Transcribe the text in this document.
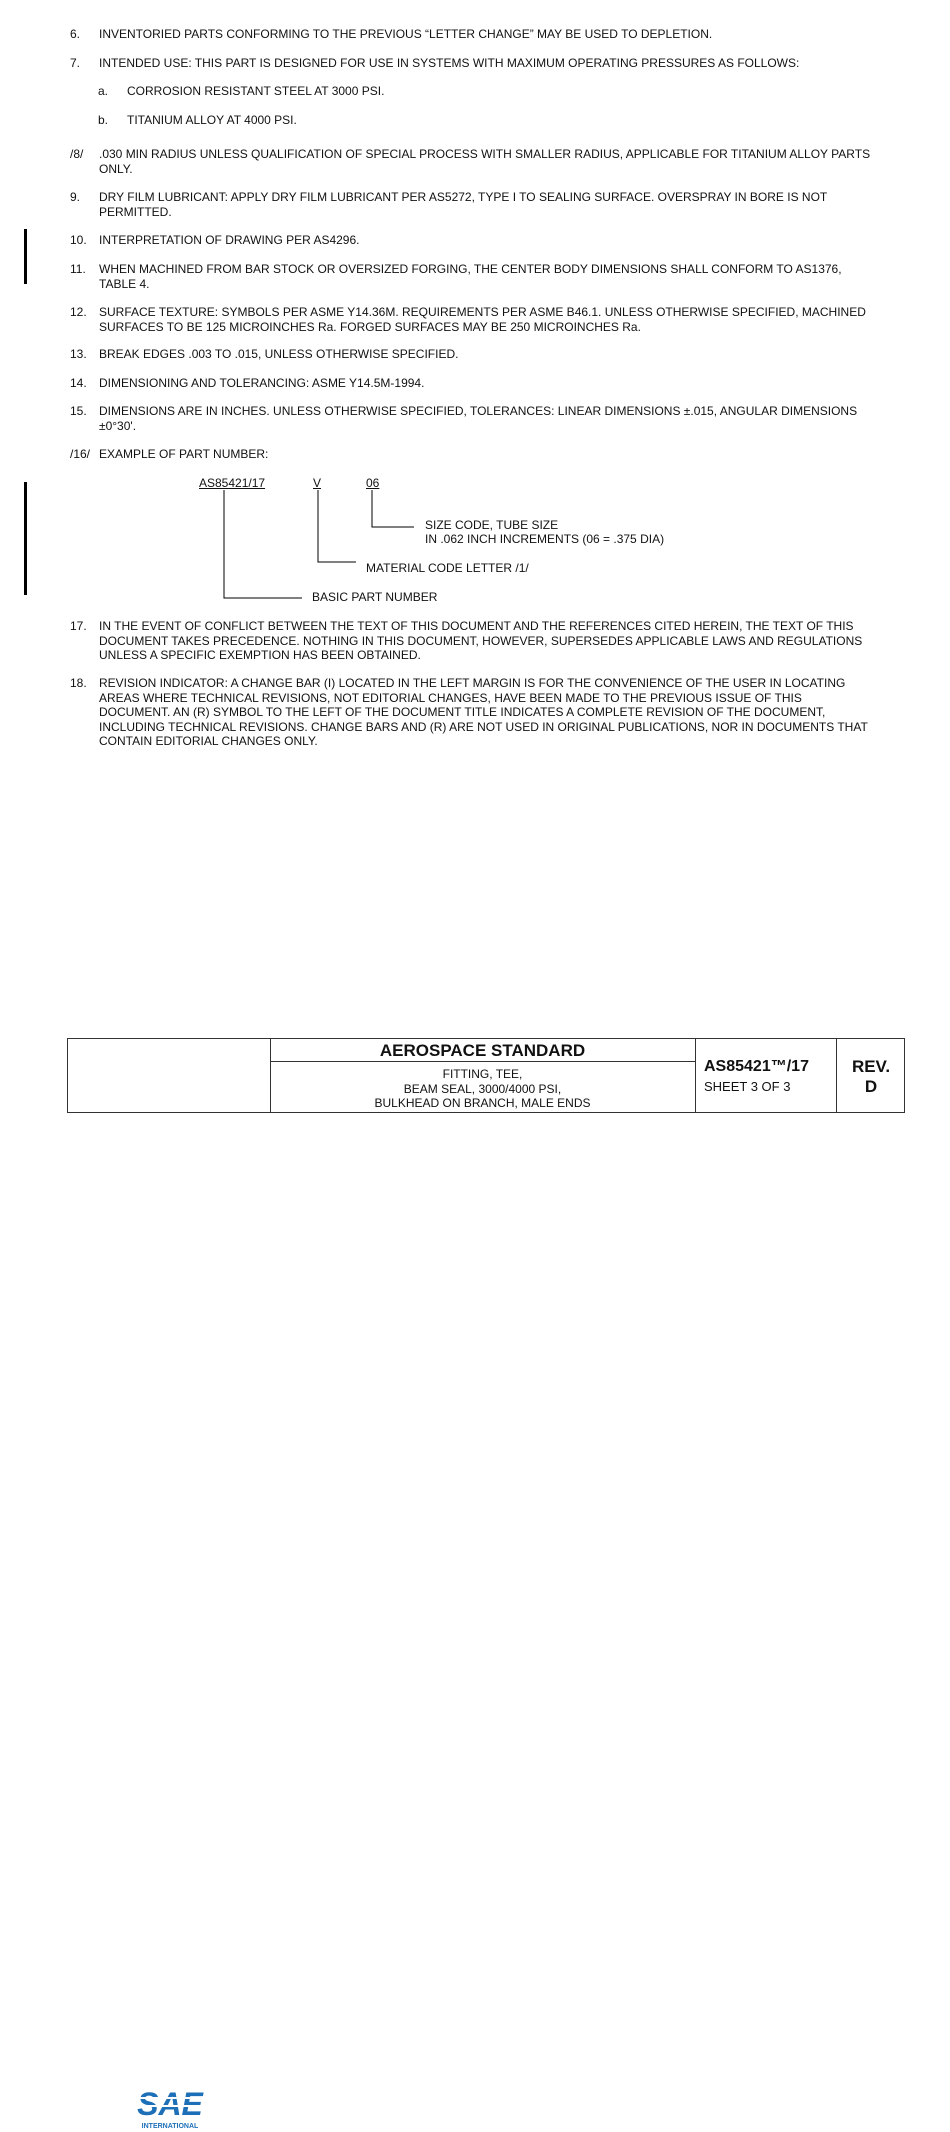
6. INVENTORIED PARTS CONFORMING TO THE PREVIOUS “LETTER CHANGE” MAY BE USED TO DEPLETION.
7. INTENDED USE: THIS PART IS DESIGNED FOR USE IN SYSTEMS WITH MAXIMUM OPERATING PRESSURES AS FOLLOWS:
a. CORROSION RESISTANT STEEL AT 3000 PSI.
b. TITANIUM ALLOY AT 4000 PSI.
/8/ .030 MIN RADIUS UNLESS QUALIFICATION OF SPECIAL PROCESS WITH SMALLER RADIUS, APPLICABLE FOR TITANIUM ALLOY PARTS ONLY.
9. DRY FILM LUBRICANT: APPLY DRY FILM LUBRICANT PER AS5272, TYPE I TO SEALING SURFACE. OVERSPRAY IN BORE IS NOT PERMITTED.
10. INTERPRETATION OF DRAWING PER AS4296.
11. WHEN MACHINED FROM BAR STOCK OR OVERSIZED FORGING, THE CENTER BODY DIMENSIONS SHALL CONFORM TO AS1376, TABLE 4.
12. SURFACE TEXTURE: SYMBOLS PER ASME Y14.36M. REQUIREMENTS PER ASME B46.1. UNLESS OTHERWISE SPECIFIED, MACHINED SURFACES TO BE 125 MICROINCHES Ra. FORGED SURFACES MAY BE 250 MICROINCHES Ra.
13. BREAK EDGES .003 TO .015, UNLESS OTHERWISE SPECIFIED.
14. DIMENSIONING AND TOLERANCING: ASME Y14.5M-1994.
15. DIMENSIONS ARE IN INCHES. UNLESS OTHERWISE SPECIFIED, TOLERANCES: LINEAR DIMENSIONS ±.015, ANGULAR DIMENSIONS ±0°30'.
/16/ EXAMPLE OF PART NUMBER:
AS85421/17	V	06
SIZE CODE, TUBE SIZE
IN .062 INCH INCREMENTS (06 = .375 DIA)
MATERIAL CODE LETTER /1/
BASIC PART NUMBER
17. IN THE EVENT OF CONFLICT BETWEEN THE TEXT OF THIS DOCUMENT AND THE REFERENCES CITED HEREIN, THE TEXT OF THIS DOCUMENT TAKES PRECEDENCE. NOTHING IN THIS DOCUMENT, HOWEVER, SUPERSEDES APPLICABLE LAWS AND REGULATIONS UNLESS A SPECIFIC EXEMPTION HAS BEEN OBTAINED.
18. REVISION INDICATOR: A CHANGE BAR (I) LOCATED IN THE LEFT MARGIN IS FOR THE CONVENIENCE OF THE USER IN LOCATING AREAS WHERE TECHNICAL REVISIONS, NOT EDITORIAL CHANGES, HAVE BEEN MADE TO THE PREVIOUS ISSUE OF THIS DOCUMENT. AN (R) SYMBOL TO THE LEFT OF THE DOCUMENT TITLE INDICATES A COMPLETE REVISION OF THE DOCUMENT, INCLUDING TECHNICAL REVISIONS. CHANGE BARS AND (R) ARE NOT USED IN ORIGINAL PUBLICATIONS, NOR IN DOCUMENTS THAT CONTAIN EDITORIAL CHANGES ONLY.
SAE
INTERNATIONAL
AEROSPACE STANDARD
FITTING, TEE,
BEAM SEAL, 3000/4000 PSI,
BULKHEAD ON BRANCH, MALE ENDS
AS85421™/17
SHEET 3 OF 3
REV.
D
